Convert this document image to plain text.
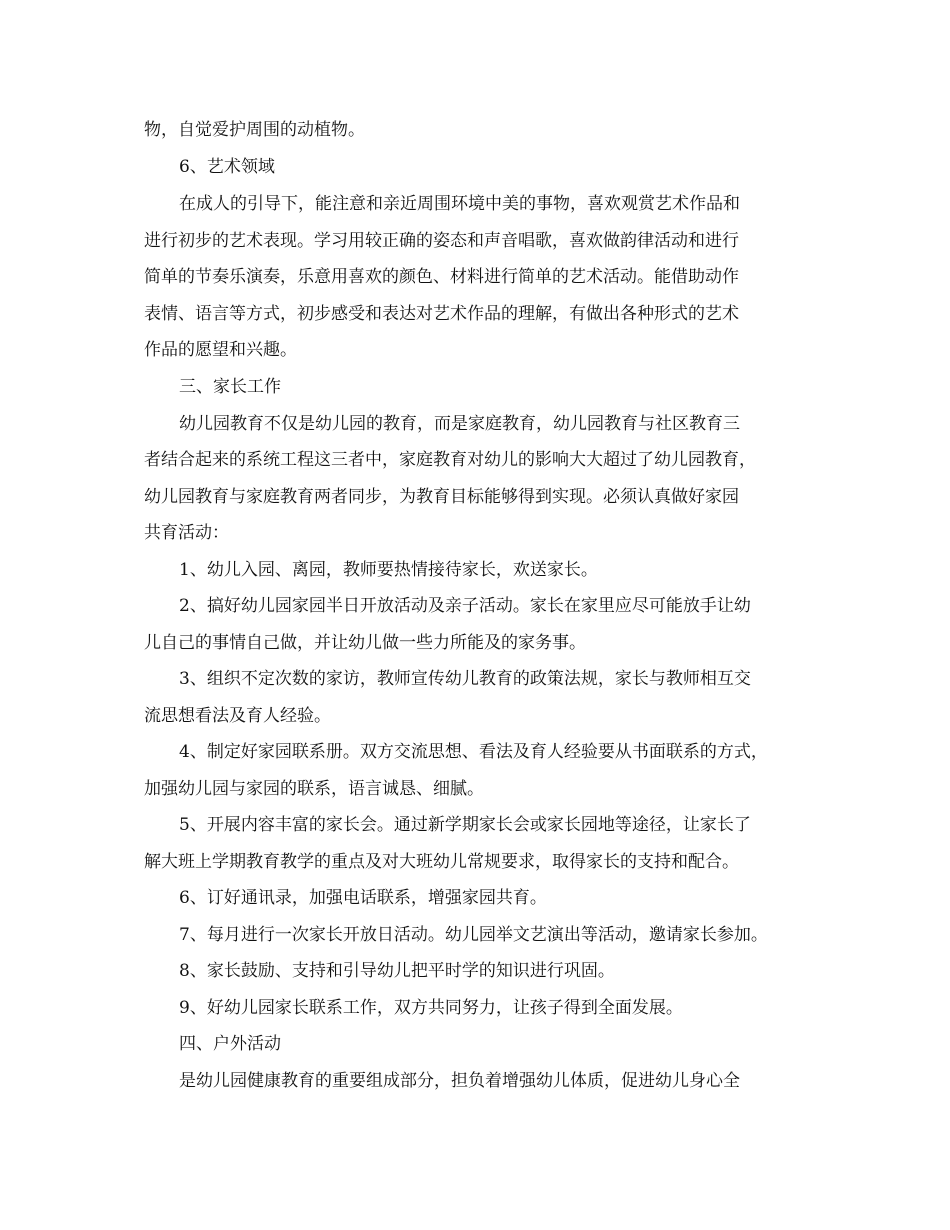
物，自觉爱护周围的动植物。
6、艺术领域
在成人的引导下，能注意和亲近周围环境中美的事物，喜欢观赏艺术作品和
进行初步的艺术表现。学习用较正确的姿态和声音唱歌，喜欢做韵律活动和进行
简单的节奏乐演奏，乐意用喜欢的颜色、材料进行简单的艺术活动。能借助动作
表情、语言等方式，初步感受和表达对艺术作品的理解，有做出各种形式的艺术
作品的愿望和兴趣。
三、家长工作
幼儿园教育不仅是幼儿园的教育，而是家庭教育，幼儿园教育与社区教育三
者结合起来的系统工程这三者中，家庭教育对幼儿的影响大大超过了幼儿园教育，
幼儿园教育与家庭教育两者同步，为教育目标能够得到实现。必须认真做好家园
共育活动：
1、幼儿入园、离园，教师要热情接待家长，欢送家长。
2、搞好幼儿园家园半日开放活动及亲子活动。家长在家里应尽可能放手让幼
儿自己的事情自己做，并让幼儿做一些力所能及的家务事。
3、组织不定次数的家访，教师宣传幼儿教育的政策法规，家长与教师相互交
流思想看法及育人经验。
4、制定好家园联系册。双方交流思想、看法及育人经验要从书面联系的方式，
加强幼儿园与家园的联系，语言诚恳、细腻。
5、开展内容丰富的家长会。通过新学期家长会或家长园地等途径，让家长了
解大班上学期教育教学的重点及对大班幼儿常规要求，取得家长的支持和配合。
6、订好通讯录，加强电话联系，增强家园共育。
7、每月进行一次家长开放日活动。幼儿园举文艺演出等活动，邀请家长参加。
8、家长鼓励、支持和引导幼儿把平时学的知识进行巩固。
9、好幼儿园家长联系工作，双方共同努力，让孩子得到全面发展。
四、户外活动
是幼儿园健康教育的重要组成部分，担负着增强幼儿体质，促进幼儿身心全
